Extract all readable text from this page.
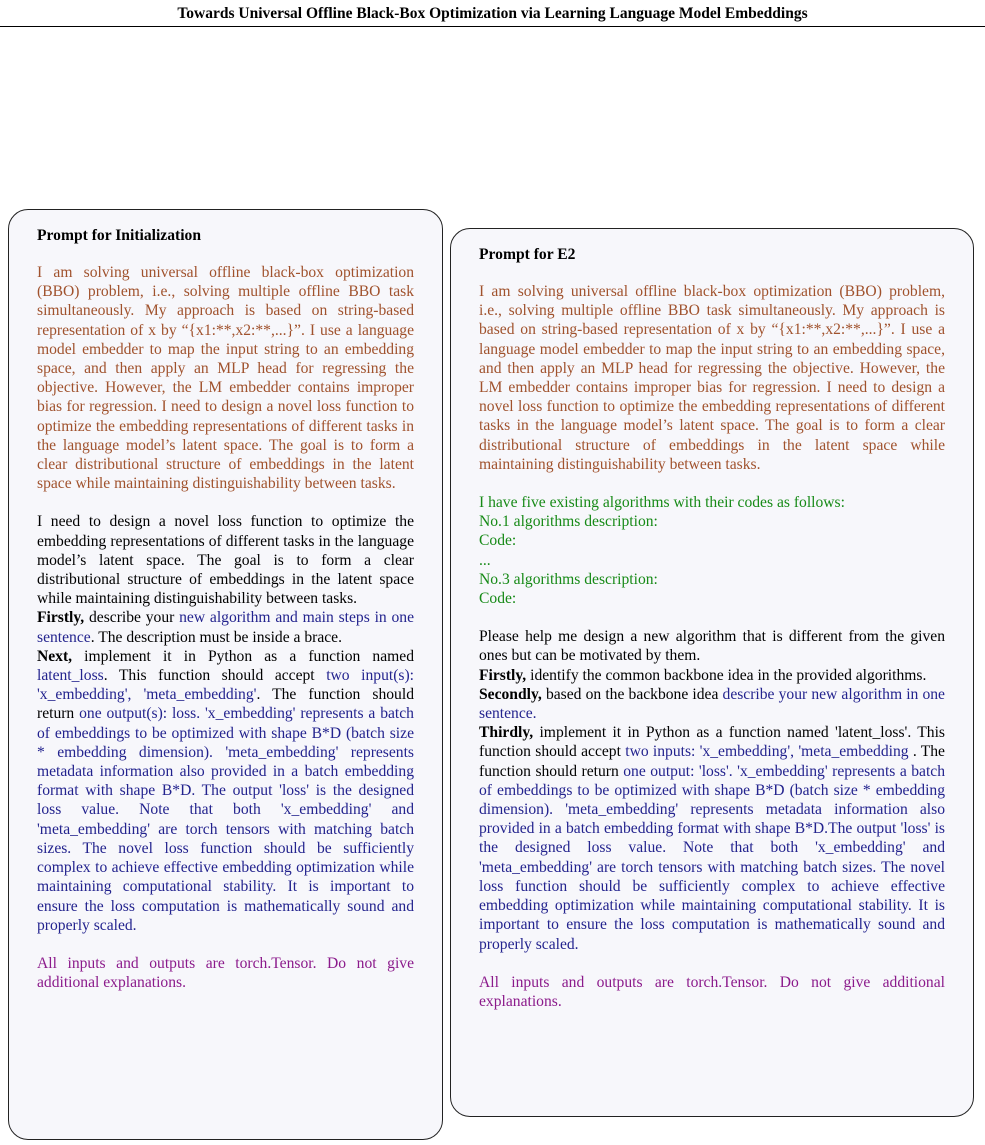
Towards Universal Offline Black-Box Optimization via Learning Language Model Embeddings
Prompt for Initialization

I am solving universal offline black-box optimization (BBO) problem, i.e., solving multiple offline BBO task simultaneously. My approach is based on string-based representation of x by “{x1:**,x2:**,...}”. I use a language model embedder to map the input string to an embedding space, and then apply an MLP head for regressing the objective. However, the LM embedder contains improper bias for regression. I need to design a novel loss function to optimize the embedding representations of different tasks in the language model’s latent space. The goal is to form a clear distributional structure of embeddings in the latent space while maintaining distinguishability between tasks.

I need to design a novel loss function to optimize the embedding representations of different tasks in the language model’s latent space. The goal is to form a clear distributional structure of embeddings in the latent space while maintaining distinguishability between tasks.

Firstly, describe your new algorithm and main steps in one sentence. The description must be inside a brace.

Next, implement it in Python as a function named latent_loss. This function should accept two input(s): 'x_embedding', 'meta_embedding'. The function should return one output(s): loss. 'x_embedding' represents a batch of embeddings to be optimized with shape B*D (batch size * embedding dimension). 'meta_embedding' represents metadata information also provided in a batch embedding format with shape B*D. The output 'loss' is the designed loss value. Note that both 'x_embedding' and 'meta_embedding' are torch tensors with matching batch sizes. The novel loss function should be sufficiently complex to achieve effective embedding optimization while maintaining computational stability. It is important to ensure the loss computation is mathematically sound and properly scaled.

All inputs and outputs are torch.Tensor. Do not give additional explanations.

Prompt for E2

I am solving universal offline black-box optimization (BBO) problem, i.e., solving multiple offline BBO task simultaneously. My approach is based on string-based representation of x by “{x1:**,x2:**,...}”. I use a language model embedder to map the input string to an embedding space, and then apply an MLP head for regressing the objective. However, the LM embedder contains improper bias for regression. I need to design a novel loss function to optimize the embedding representations of different tasks in the language model’s latent space. The goal is to form a clear distributional structure of embeddings in the latent space while maintaining distinguishability between tasks.

I have five existing algorithms with their codes as follows:
No.1 algorithms description:
Code:
...
No.3 algorithms description:
Code:

Please help me design a new algorithm that is different from the given ones but can be motivated by them.

Firstly, identify the common backbone idea in the provided algorithms.

Secondly, based on the backbone idea describe your new algorithm in one sentence.

Thirdly, implement it in Python as a function named 'latent_loss'. This function should accept two inputs: 'x_embedding', 'meta_embedding . The function should return one output: 'loss'. 'x_embedding' represents a batch of embeddings to be optimized with shape B*D (batch size * embedding dimension). 'meta_embedding' represents metadata information also provided in a batch embedding format with shape B*D.The output 'loss' is the designed loss value. Note that both 'x_embedding' and 'meta_embedding' are torch tensors with matching batch sizes. The novel loss function should be sufficiently complex to achieve effective embedding optimization while maintaining computational stability. It is important to ensure the loss computation is mathematically sound and properly scaled.

All inputs and outputs are torch.Tensor. Do not give additional explanations.
